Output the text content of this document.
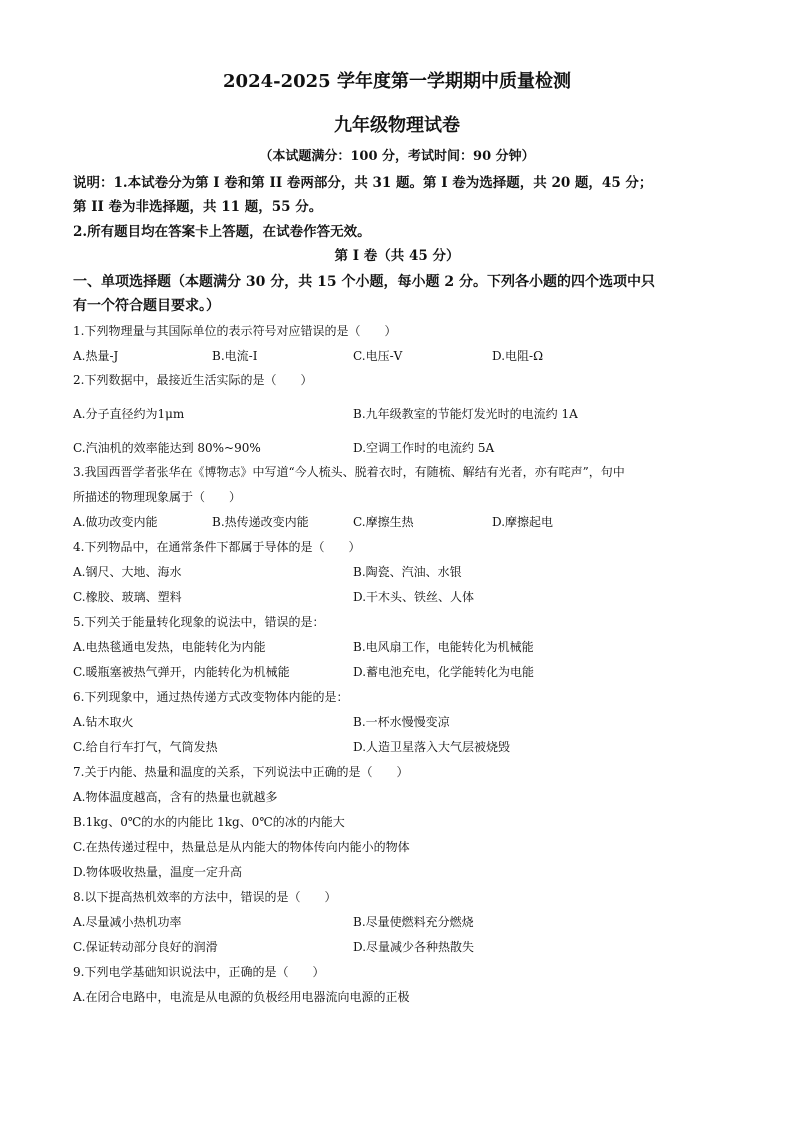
2024-2025 学年度第一学期期中质量检测
九年级物理试卷
（本试题满分：100 分，考试时间：90 分钟）
说明：1.本试卷分为第 I 卷和第 II 卷两部分，共 31 题。第 I 卷为选择题，共 20 题，45 分；
第 II 卷为非选择题，共 11 题，55 分。
2.所有题目均在答案卡上答题，在试卷作答无效。
第 I 卷（共 45 分）
一、单项选择题（本题满分 30 分，共 15 个小题，每小题 2 分。下列各小题的四个选项中只
有一个符合题目要求。）
1.下列物理量与其国际单位的表示符号对应错误的是（　　）
A.热量-J	B.电流-I	C.电压-V	D.电阻-Ω
2.下列数据中，最接近生活实际的是（　　）
A.分子直径约为1μm	B.九年级教室的节能灯发光时的电流约 1A
C.汽油机的效率能达到 80%~90%	D.空调工作时的电流约 5A
3.我国西晋学者张华在《博物志》中写道“今人梳头、脱着衣时，有随梳、解结有光者，亦有咤声”，句中
所描述的物理现象属于（　　）
A.做功改变内能	B.热传递改变内能	C.摩擦生热	D.摩擦起电
4.下列物品中，在通常条件下都属于导体的是（　　）
A.钢尺、大地、海水	B.陶瓷、汽油、水银
C.橡胶、玻璃、塑料	D.干木头、铁丝、人体
5.下列关于能量转化现象的说法中，错误的是：
A.电热毯通电发热，电能转化为内能	B.电风扇工作，电能转化为机械能
C.暖瓶塞被热气弹开，内能转化为机械能	D.蓄电池充电，化学能转化为电能
6.下列现象中，通过热传递方式改变物体内能的是：
A.钻木取火	B.一杯水慢慢变凉
C.给自行车打气，气筒发热	D.人造卫星落入大气层被烧毁
7.关于内能、热量和温度的关系，下列说法中正确的是（　　）
A.物体温度越高，含有的热量也就越多
B.1kg、0℃的水的内能比 1kg、0℃的冰的内能大
C.在热传递过程中，热量总是从内能大的物体传向内能小的物体
D.物体吸收热量，温度一定升高
8.以下提高热机效率的方法中，错误的是（　　）
A.尽量减小热机功率	B.尽量使燃料充分燃烧
C.保证转动部分良好的润滑	D.尽量减少各种热散失
9.下列电学基础知识说法中，正确的是（　　）
A.在闭合电路中，电流是从电源的负极经用电器流向电源的正极
